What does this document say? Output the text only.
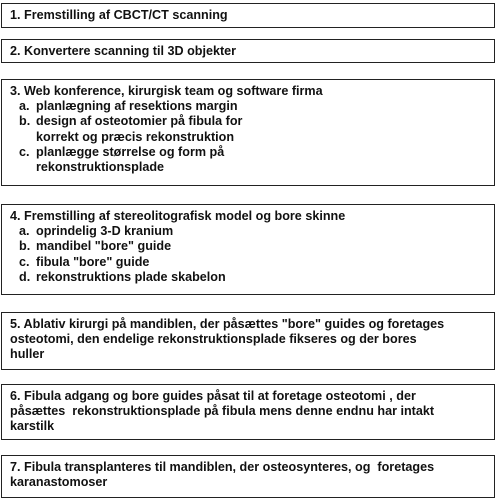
1. Fremstilling af CBCT/CT scanning
2. Konvertere scanning til 3D objekter
3. Web konference, kirurgisk team og software firma
a. planlægning af resektions margin
b. design af osteotomier på fibula for
korrekt og præcis rekonstruktion
c. planlægge størrelse og form på
rekonstruktionsplade
4. Fremstilling af stereolitografisk model og bore skinne
a. oprindelig 3-D kranium
b. mandibel "bore" guide
c. fibula "bore" guide
d. rekonstruktions plade skabelon
5. Ablativ kirurgi på mandiblen, der påsættes "bore" guides og foretages
osteotomi, den endelige rekonstruktionsplade fikseres og der bores
huller
6. Fibula adgang og bore guides påsat til at foretage osteotomi , der
påsættes  rekonstruktionsplade på fibula mens denne endnu har intakt
karstilk
7. Fibula transplanteres til mandiblen, der osteosynteres, og  foretages
karanastomoser
